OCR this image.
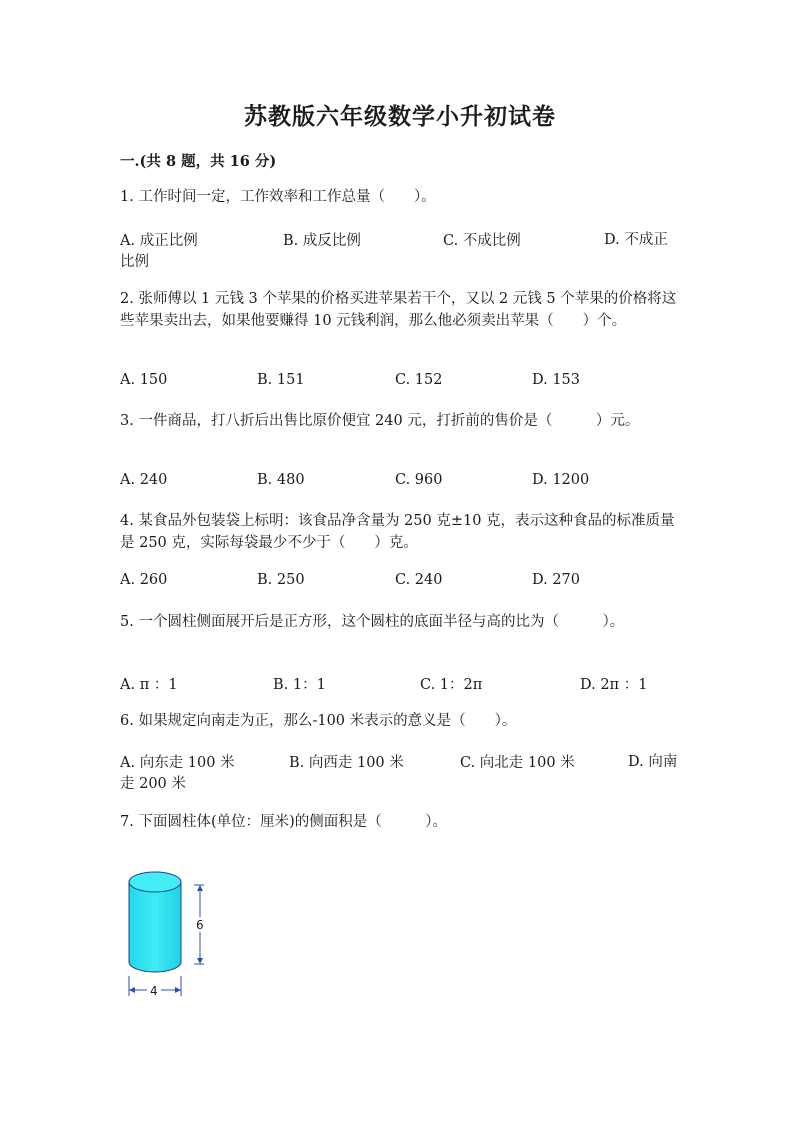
苏教版六年级数学小升初试卷
一.(共 8 题，共 16 分)
1. 工作时间一定，工作效率和工作总量（　　）。
A. 成正比例	B. 成反比例	C. 不成比例	D. 不成正比例
2. 张师傅以 1 元钱 3 个苹果的价格买进苹果若干个，又以 2 元钱 5 个苹果的价格将这些苹果卖出去，如果他要赚得 10 元钱利润，那么他必须卖出苹果（　　）个。
A. 150	B. 151	C. 152	D. 153
3. 一件商品，打八折后出售比原价便宜 240 元，打折前的售价是（　　　）元。
A. 240	B. 480	C. 960	D. 1200
4. 某食品外包装袋上标明：该食品净含量为 250 克±10 克，表示这种食品的标准质量是 250 克，实际每袋最少不少于（　　）克。
A. 260	B. 250	C. 240	D. 270
5. 一个圆柱侧面展开后是正方形，这个圆柱的底面半径与高的比为（　　　）。
A. π ：1	B. 1：1	C. 1：2π	D. 2π ：1
6. 如果规定向南走为正，那么-100 米表示的意义是（　　）。
A. 向东走 100 米	B. 向西走 100 米	C. 向北走 100 米	D. 向南走 200 米
7. 下面圆柱体(单位：厘米)的侧面积是（　　　）。
6
4
